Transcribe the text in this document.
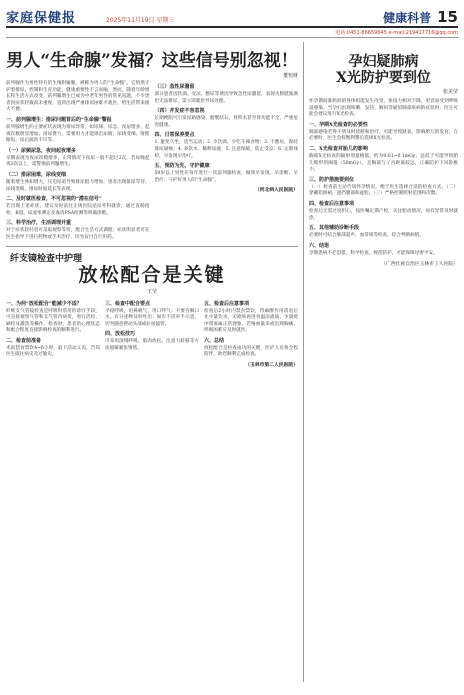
家庭保健报	2025年11月19日 星期三	健康科普 15
电话:0451-86659645 e-mail:219417716@qq.com
男人“生命腺”发福？这些信号别忽视！
董恒财
前列腺作为男性特有的生殖附属腺，被称为男人的“生命腺”。它悄然守护着排尿、控制和生育功能，健康重要性不言而喻，然而，随着年龄增长和生活方式改变，前列腺增生已成为中老年男性的常见问题，不少患者因症状轻微而未重视，直到出现严重排尿困难才就医，给生活带来极大不便。
一、前列腺增生：排尿问题背后的“生命腺”警报
前列腺增生的主要症状表现为排尿异常，如尿频、尿急、夜尿增多，起夜次数明显增加；排尿费力，需要用力才能排出尿液；尿线变细、射程缩短，尿后滴沥不尽等。
（一）尿频尿急，夜间起夜增多
早期表现为夜尿次数增多，正常情况下夜尿一般不超过2次，若每晚起夜3次以上，需警惕前列腺增生。
（二）排尿困难，尿线变细
随着增生体积增大，压迫尿道导致排尿阻力增加，患者出现排尿等待、尿线变细、排尿时间延长等表现。
二、及时就医检查，不可忽视的“潜在信号”
若出现上述症状，建议及时前往正规医院泌尿外科就诊，通过直肠指检、B超、尿流率测定及血清PSA检测等明确诊断。
三、科学治疗，生活调理并重
对于症状较轻者可采取观察等待，配合生活方式调理；症状明显者可在医生指导下进行药物或手术治疗，切勿盲目自行用药。
（三）急性尿潴留
部分患者因饮酒、受凉、憋尿等诱因导致急性尿潴留，表现为膀胱胀满但无法排尿，需立即就医导尿处理。
（四）并发症不容忽视
长期梗阻可引发尿路感染、膀胱结石、肾积水甚至肾功能不全，严重危害健康。
四、日常保养要点
1. 避免久坐，适当运动；2. 少饮酒，少吃辛辣食物；3. 不憋尿，保持排尿通畅；4. 多饮水，稀释尿液；5. 注意保暖，防止受凉；6. 定期体检，早发现早治疗。
五、预防为先，守护健康
50岁以上男性应每年进行一次前列腺检查，做到早发现、早诊断、早治疗，守护好男人的“生命腺”。
（河北病人民医院）
纤支镜检查中护理
放松配合是关键
王莹
一、为何“放松配合”能减少不适？
纤维支气管镜检查是呼吸科常用的诊疗手段，可直接观察气管和支气管内病变，进行活检、刷检及灌洗等操作。检查时，患者的心理状态和配合程度直接影响检查的顺利进行。
二、检查前准备
术前禁食禁饮4~6小时，取下活动义齿，告知医生既往病史及过敏史。
三、检查中配合要点
平稳呼吸，用鼻吸气、用口呼气；不要吞咽口水，有分泌物及时吐出；如有不适举手示意，切勿随意摆动头部或拉扯镜管。
四、放松技巧
可采用深慢呼吸、肌肉放松、注意力转移等方法缓解紧张情绪。
五、检查后注意事项
检查后2小时内禁食禁饮，待麻醉作用消退后先少量饮水，无呛咳再进食温凉流质；少量痰中带血属正常现象，若咯血量多或出现胸痛、呼吸困难应及时就医。
六、总结
放松配合是检查成功的关键，医护人员将全程陪伴，助您顺利完成检查。
（玉林市第二人民医院）
孕妇疑肺病
X光防护要到位
张美莹
怀孕期间准妈妈的身体机能发生改变，免疫力相对下降，更容易受到呼吸道感染，当孕妇出现咳嗽、发热、胸闷等疑似肺部疾病的症状时，医生可能会建议进行X光检查。
一、孕期X光检查的必要性
肺部感染若得不到及时诊断和治疗，可能导致缺氧，影响胎儿的发育，在必要时，医生会权衡利弊后选择X光检查。
二、X光检查对胎儿的影响
胸部X光检查的辐射剂量极低，约为0.01~0.1mGy，远低于可能导致胎儿畸形的阈值（50mGy），且胸部与子宫距离较远，正确防护下风险极小。
三、防护措施要到位
（一）检查前主动告知怀孕情况，便于医生选择合适的检查方式。（二）穿戴铅围裙，遮挡腹部和盆腔。（三）严格控制照射范围和次数。
四、检查后注意事项
检查后无需过度担心，按医嘱定期产检，关注胎动情况，如有异常及时就诊。
五、其他辅助诊断手段
必要时可结合肺部超声、血常规等检查，综合判断病情。
六、结语
孕期患病不必恐慌，科学检查、规范防护，才能保障母婴平安。
（广西壮族自治区玉林市工人医院）
